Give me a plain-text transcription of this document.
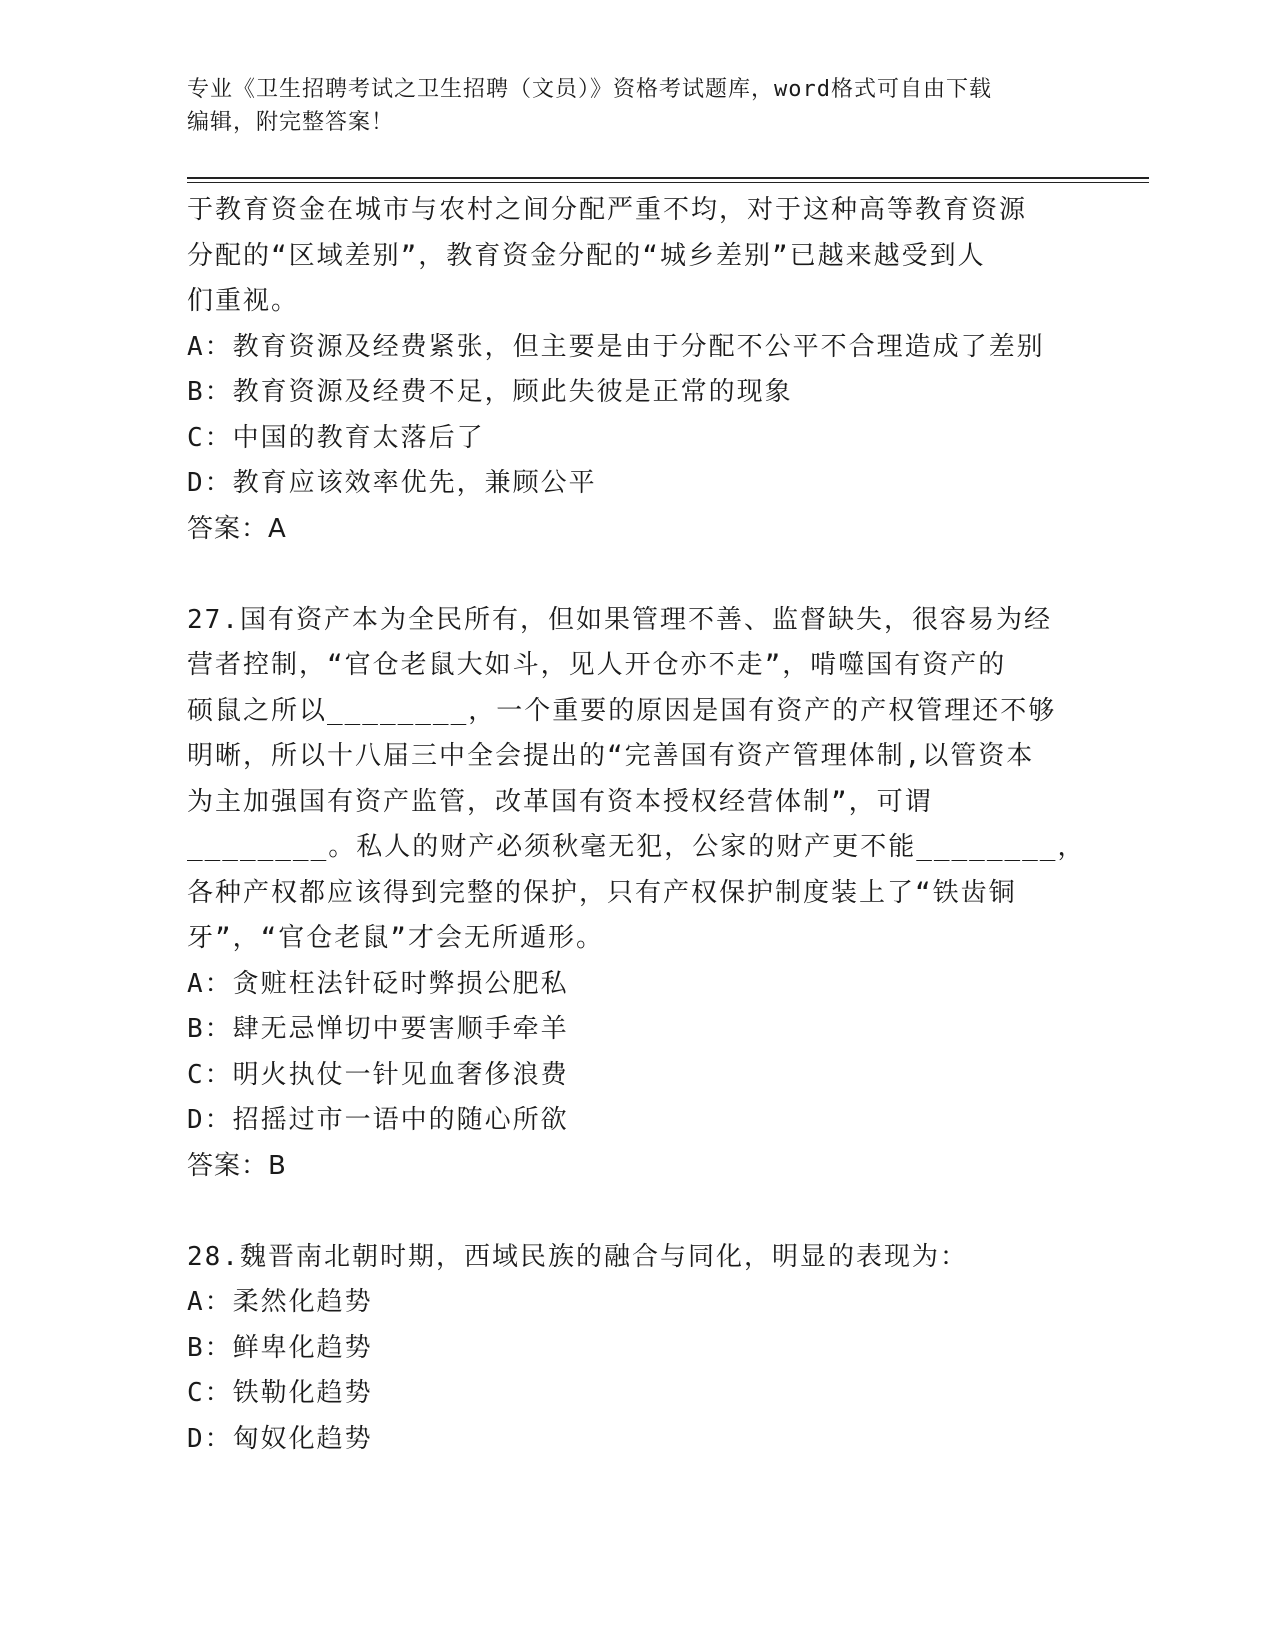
专业《卫生招聘考试之卫生招聘（文员）》资格考试题库，word格式可自由下载
编辑，附完整答案！
于教育资金在城市与农村之间分配严重不均，对于这种高等教育资源
分配的“区域差别”，教育资金分配的“城乡差别”已越来越受到人
们重视。
A：教育资源及经费紧张，但主要是由于分配不公平不合理造成了差别
B：教育资源及经费不足，顾此失彼是正常的现象
C：中国的教育太落后了
D：教育应该效率优先，兼顾公平
答案：A
27.国有资产本为全民所有，但如果管理不善、监督缺失，很容易为经
营者控制，“官仓老鼠大如斗，见人开仓亦不走”，啃噬国有资产的
硕鼠之所以________，一个重要的原因是国有资产的产权管理还不够
明晰，所以十八届三中全会提出的“完善国有资产管理体制,以管资本
为主加强国有资产监管，改革国有资本授权经营体制”，可谓
________。私人的财产必须秋毫无犯，公家的财产更不能________，
各种产权都应该得到完整的保护，只有产权保护制度装上了“铁齿铜
牙”，“官仓老鼠”才会无所遁形。
A：贪赃枉法针砭时弊损公肥私
B：肆无忌惮切中要害顺手牵羊
C：明火执仗一针见血奢侈浪费
D：招摇过市一语中的随心所欲
答案：B
28.魏晋南北朝时期，西域民族的融合与同化，明显的表现为：
A：柔然化趋势
B：鲜卑化趋势
C：铁勒化趋势
D：匈奴化趋势
